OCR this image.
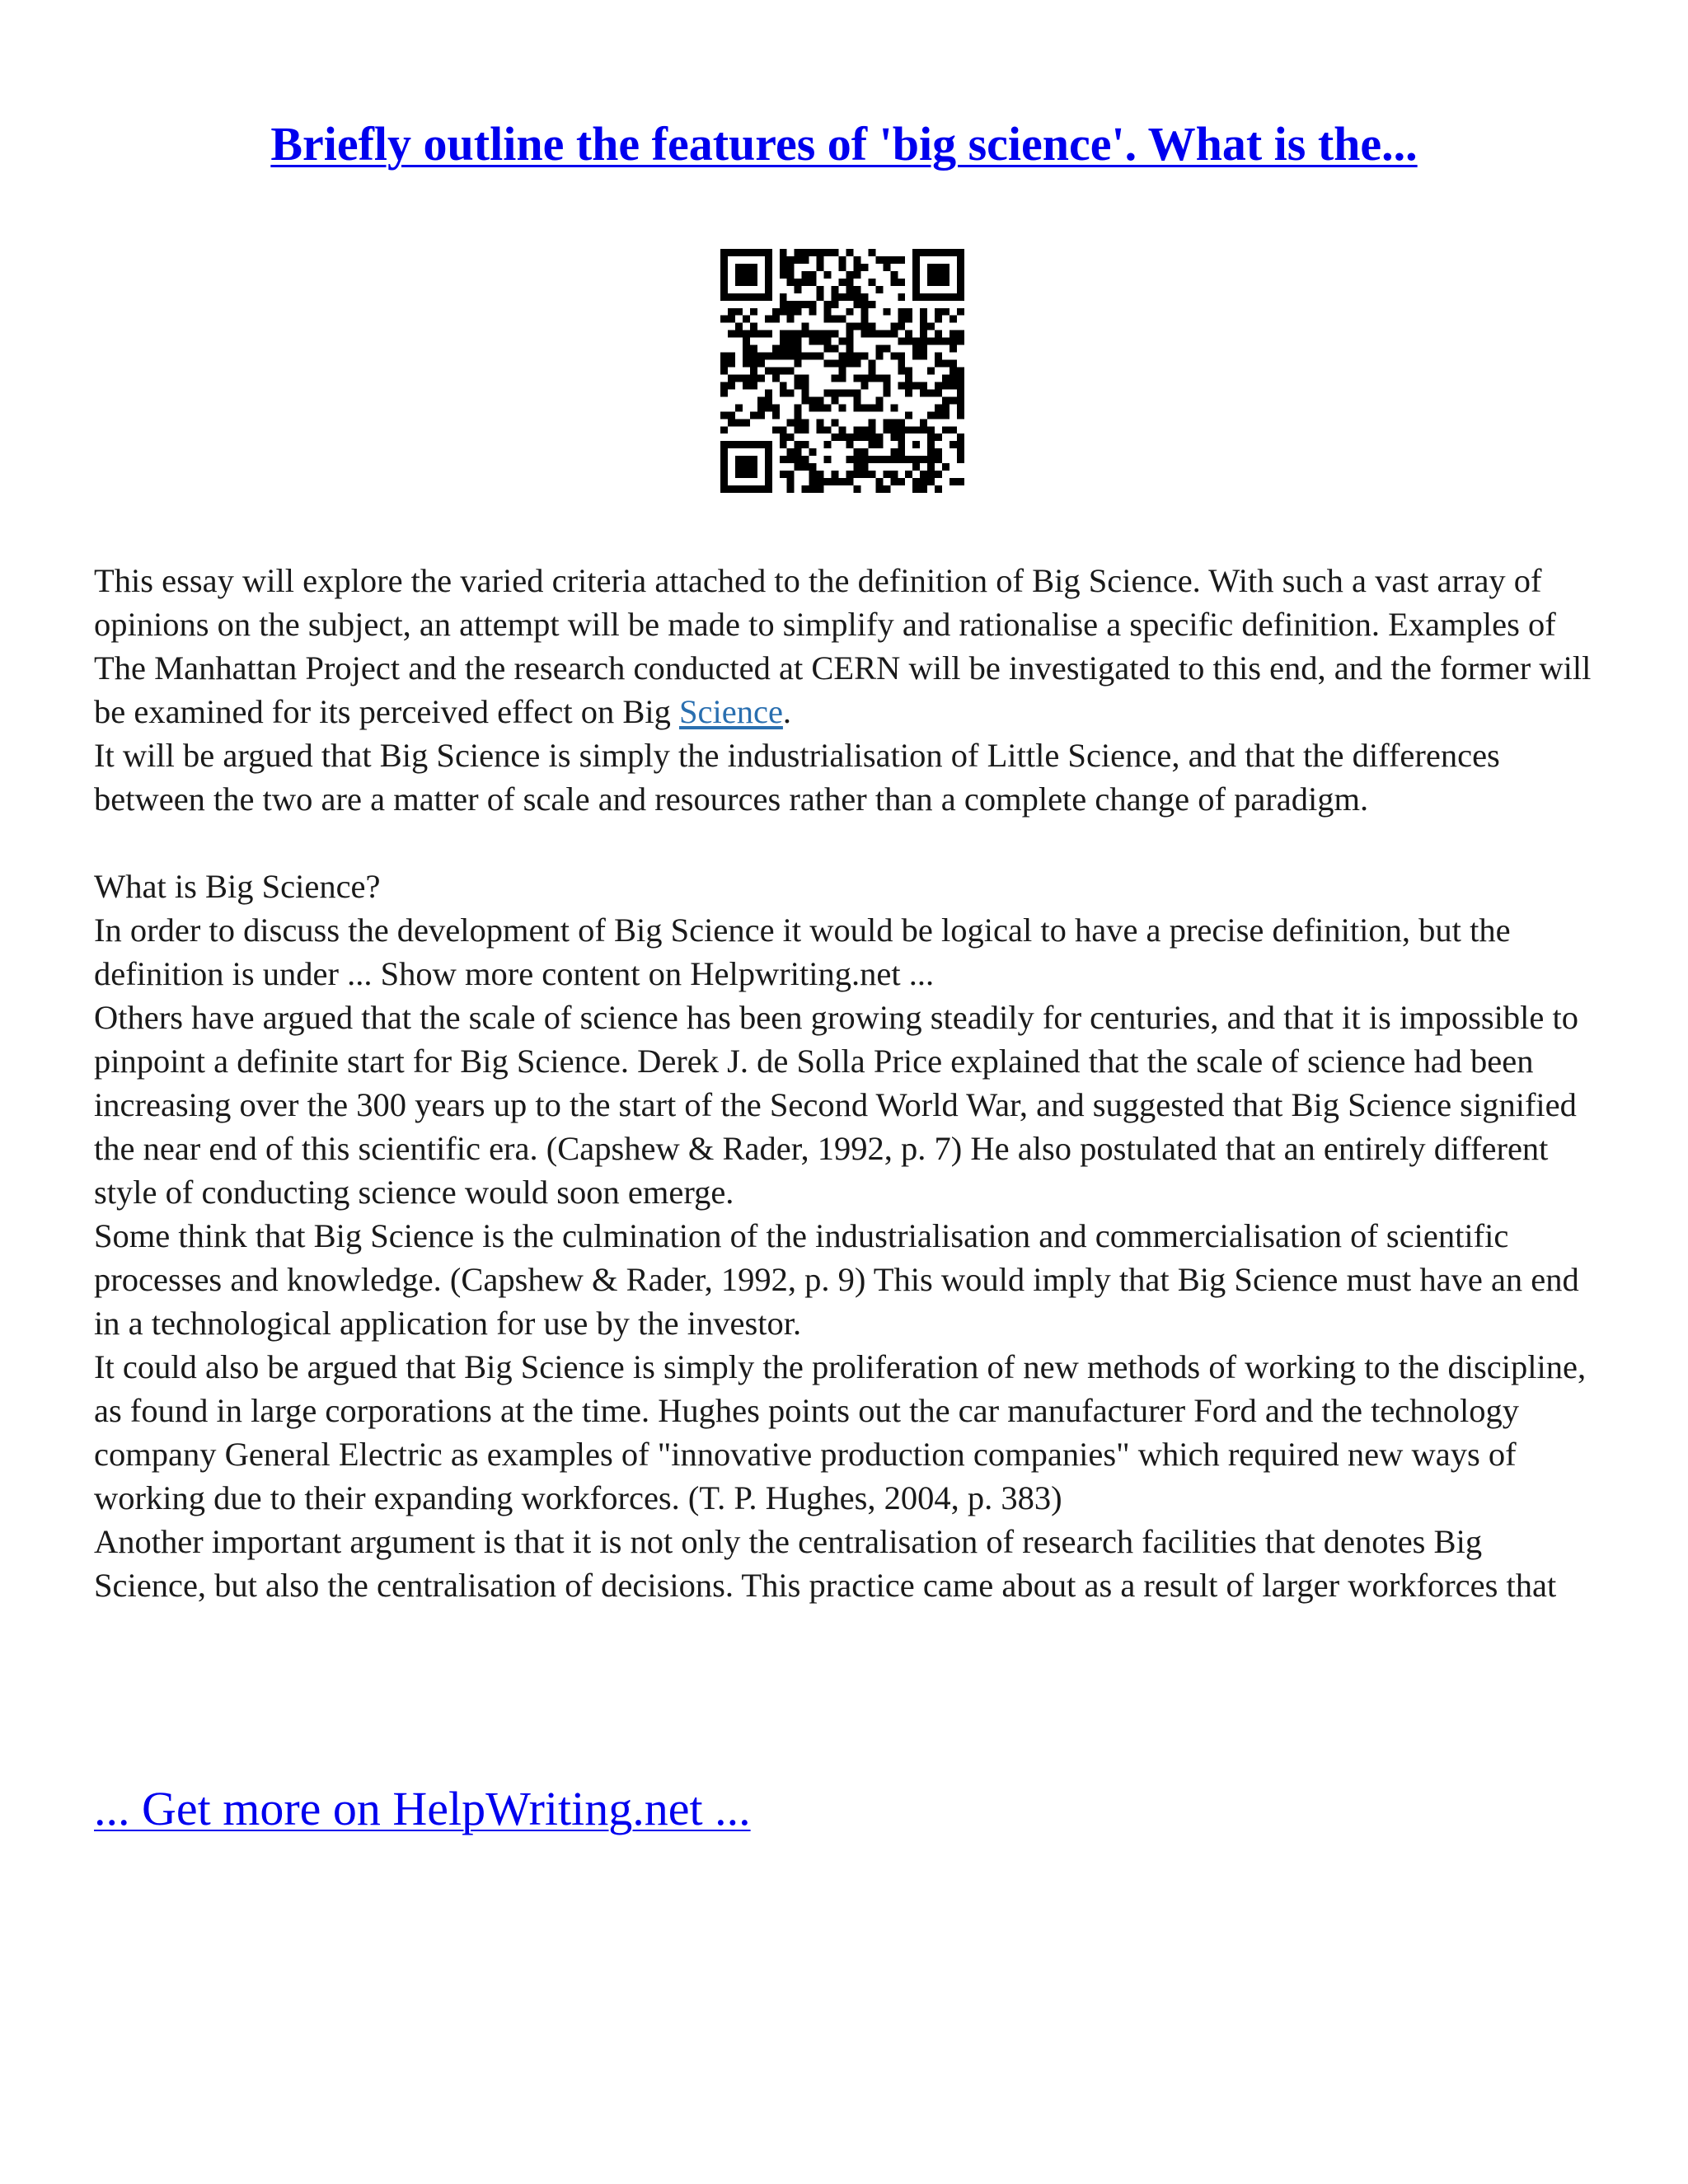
Briefly outline the features of 'big science'. What is the...

This essay will explore the varied criteria attached to the definition of Big Science. With such a vast array of opinions on the subject, an attempt will be made to simplify and rationalise a specific definition. Examples of The Manhattan Project and the research conducted at CERN will be investigated to this end, and the former will be examined for its perceived effect on Big Science.

It will be argued that Big Science is simply the industrialisation of Little Science, and that the differences between the two are a matter of scale and resources rather than a complete change of paradigm.

What is Big Science?

In order to discuss the development of Big Science it would be logical to have a precise definition, but the definition is under ... Show more content on Helpwriting.net ...

Others have argued that the scale of science has been growing steadily for centuries, and that it is impossible to pinpoint a definite start for Big Science. Derek J. de Solla Price explained that the scale of science had been increasing over the 300 years up to the start of the Second World War, and suggested that Big Science signified the near end of this scientific era. (Capshew & Rader, 1992, p. 7) He also postulated that an entirely different style of conducting science would soon emerge.

Some think that Big Science is the culmination of the industrialisation and commercialisation of scientific processes and knowledge. (Capshew & Rader, 1992, p. 9) This would imply that Big Science must have an end in a technological application for use by the investor.

It could also be argued that Big Science is simply the proliferation of new methods of working to the discipline, as found in large corporations at the time. Hughes points out the car manufacturer Ford and the technology company General Electric as examples of "innovative production companies" which required new ways of working due to their expanding workforces. (T. P. Hughes, 2004, p. 383)

Another important argument is that it is not only the centralisation of research facilities that denotes Big Science, but also the centralisation of decisions. This practice came about as a result of larger workforces that

... Get more on HelpWriting.net ...
